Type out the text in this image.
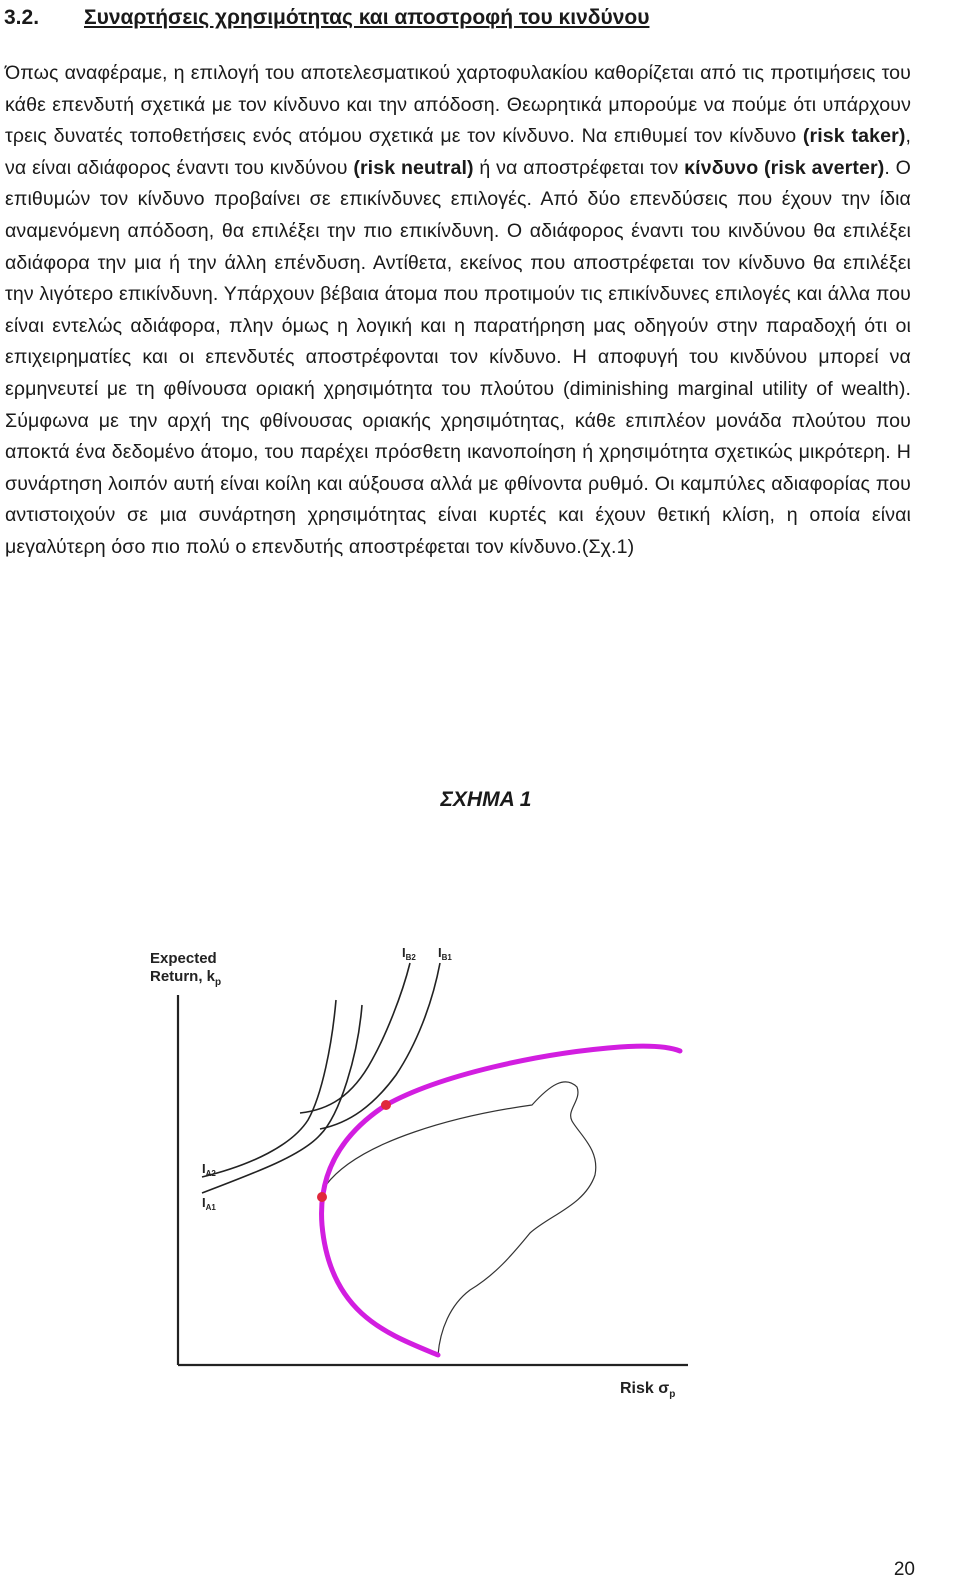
3.2. Συναρτήσεις χρησιμότητας και αποστροφή του κινδύνου

Όπως αναφέραμε, η επιλογή του αποτελεσματικού χαρτοφυλακίου καθορίζεται από τις προτιμήσεις του κάθε επενδυτή σχετικά με τον κίνδυνο και την απόδοση. Θεωρητικά μπορούμε να πούμε ότι υπάρχουν τρεις δυνατές τοποθετήσεις ενός ατόμου σχετικά με τον κίνδυνο. Να επιθυμεί τον κίνδυνο (risk taker), να είναι αδιάφορος έναντι του κινδύνου (risk neutral) ή να αποστρέφεται τον κίνδυνο (risk averter). Ο επιθυμών τον κίνδυνο προβαίνει σε επικίνδυνες επιλογές. Από δύο επενδύσεις που έχουν την ίδια αναμενόμενη απόδοση, θα επιλέξει την πιο επικίνδυνη. Ο αδιάφορος έναντι του κινδύνου θα επιλέξει αδιάφορα την μια ή την άλλη επένδυση. Αντίθετα, εκείνος που αποστρέφεται τον κίνδυνο θα επιλέξει την λιγότερο επικίνδυνη. Υπάρχουν βέβαια άτομα που προτιμούν τις επικίνδυνες επιλογές και άλλα που είναι εντελώς αδιάφορα, πλην όμως η λογική και η παρατήρηση μας οδηγούν στην παραδοχή ότι οι επιχειρηματίες και οι επενδυτές αποστρέφονται τον κίνδυνο. Η αποφυγή του κινδύνου μπορεί να ερμηνευτεί με τη φθίνουσα οριακή χρησιμότητα του πλούτου (diminishing marginal utility of wealth). Σύμφωνα με την αρχή της φθίνουσας οριακής χρησιμότητας, κάθε επιπλέον μονάδα πλούτου που αποκτά ένα δεδομένο άτομο, του παρέχει πρόσθετη ικανοποίηση ή χρησιμότητα σχετικώς μικρότερη. Η συνάρτηση λοιπόν αυτή είναι κοίλη και αύξουσα αλλά με φθίνοντα ρυθμό. Οι καμπύλες αδιαφορίας που αντιστοιχούν σε μια συνάρτηση χρησιμότητας είναι κυρτές και έχουν θετική κλίση, η οποία είναι μεγαλύτερη όσο πιο πολύ ο επενδυτής αποστρέφεται τον κίνδυνο.(Σχ.1)

ΣΧΗΜΑ 1
Expected
Return, $k_p$
Risk $\sigma_p$
$I_{B2}$ $I_{B1}$
$I_{A2}$
$I_{A1}$
20
